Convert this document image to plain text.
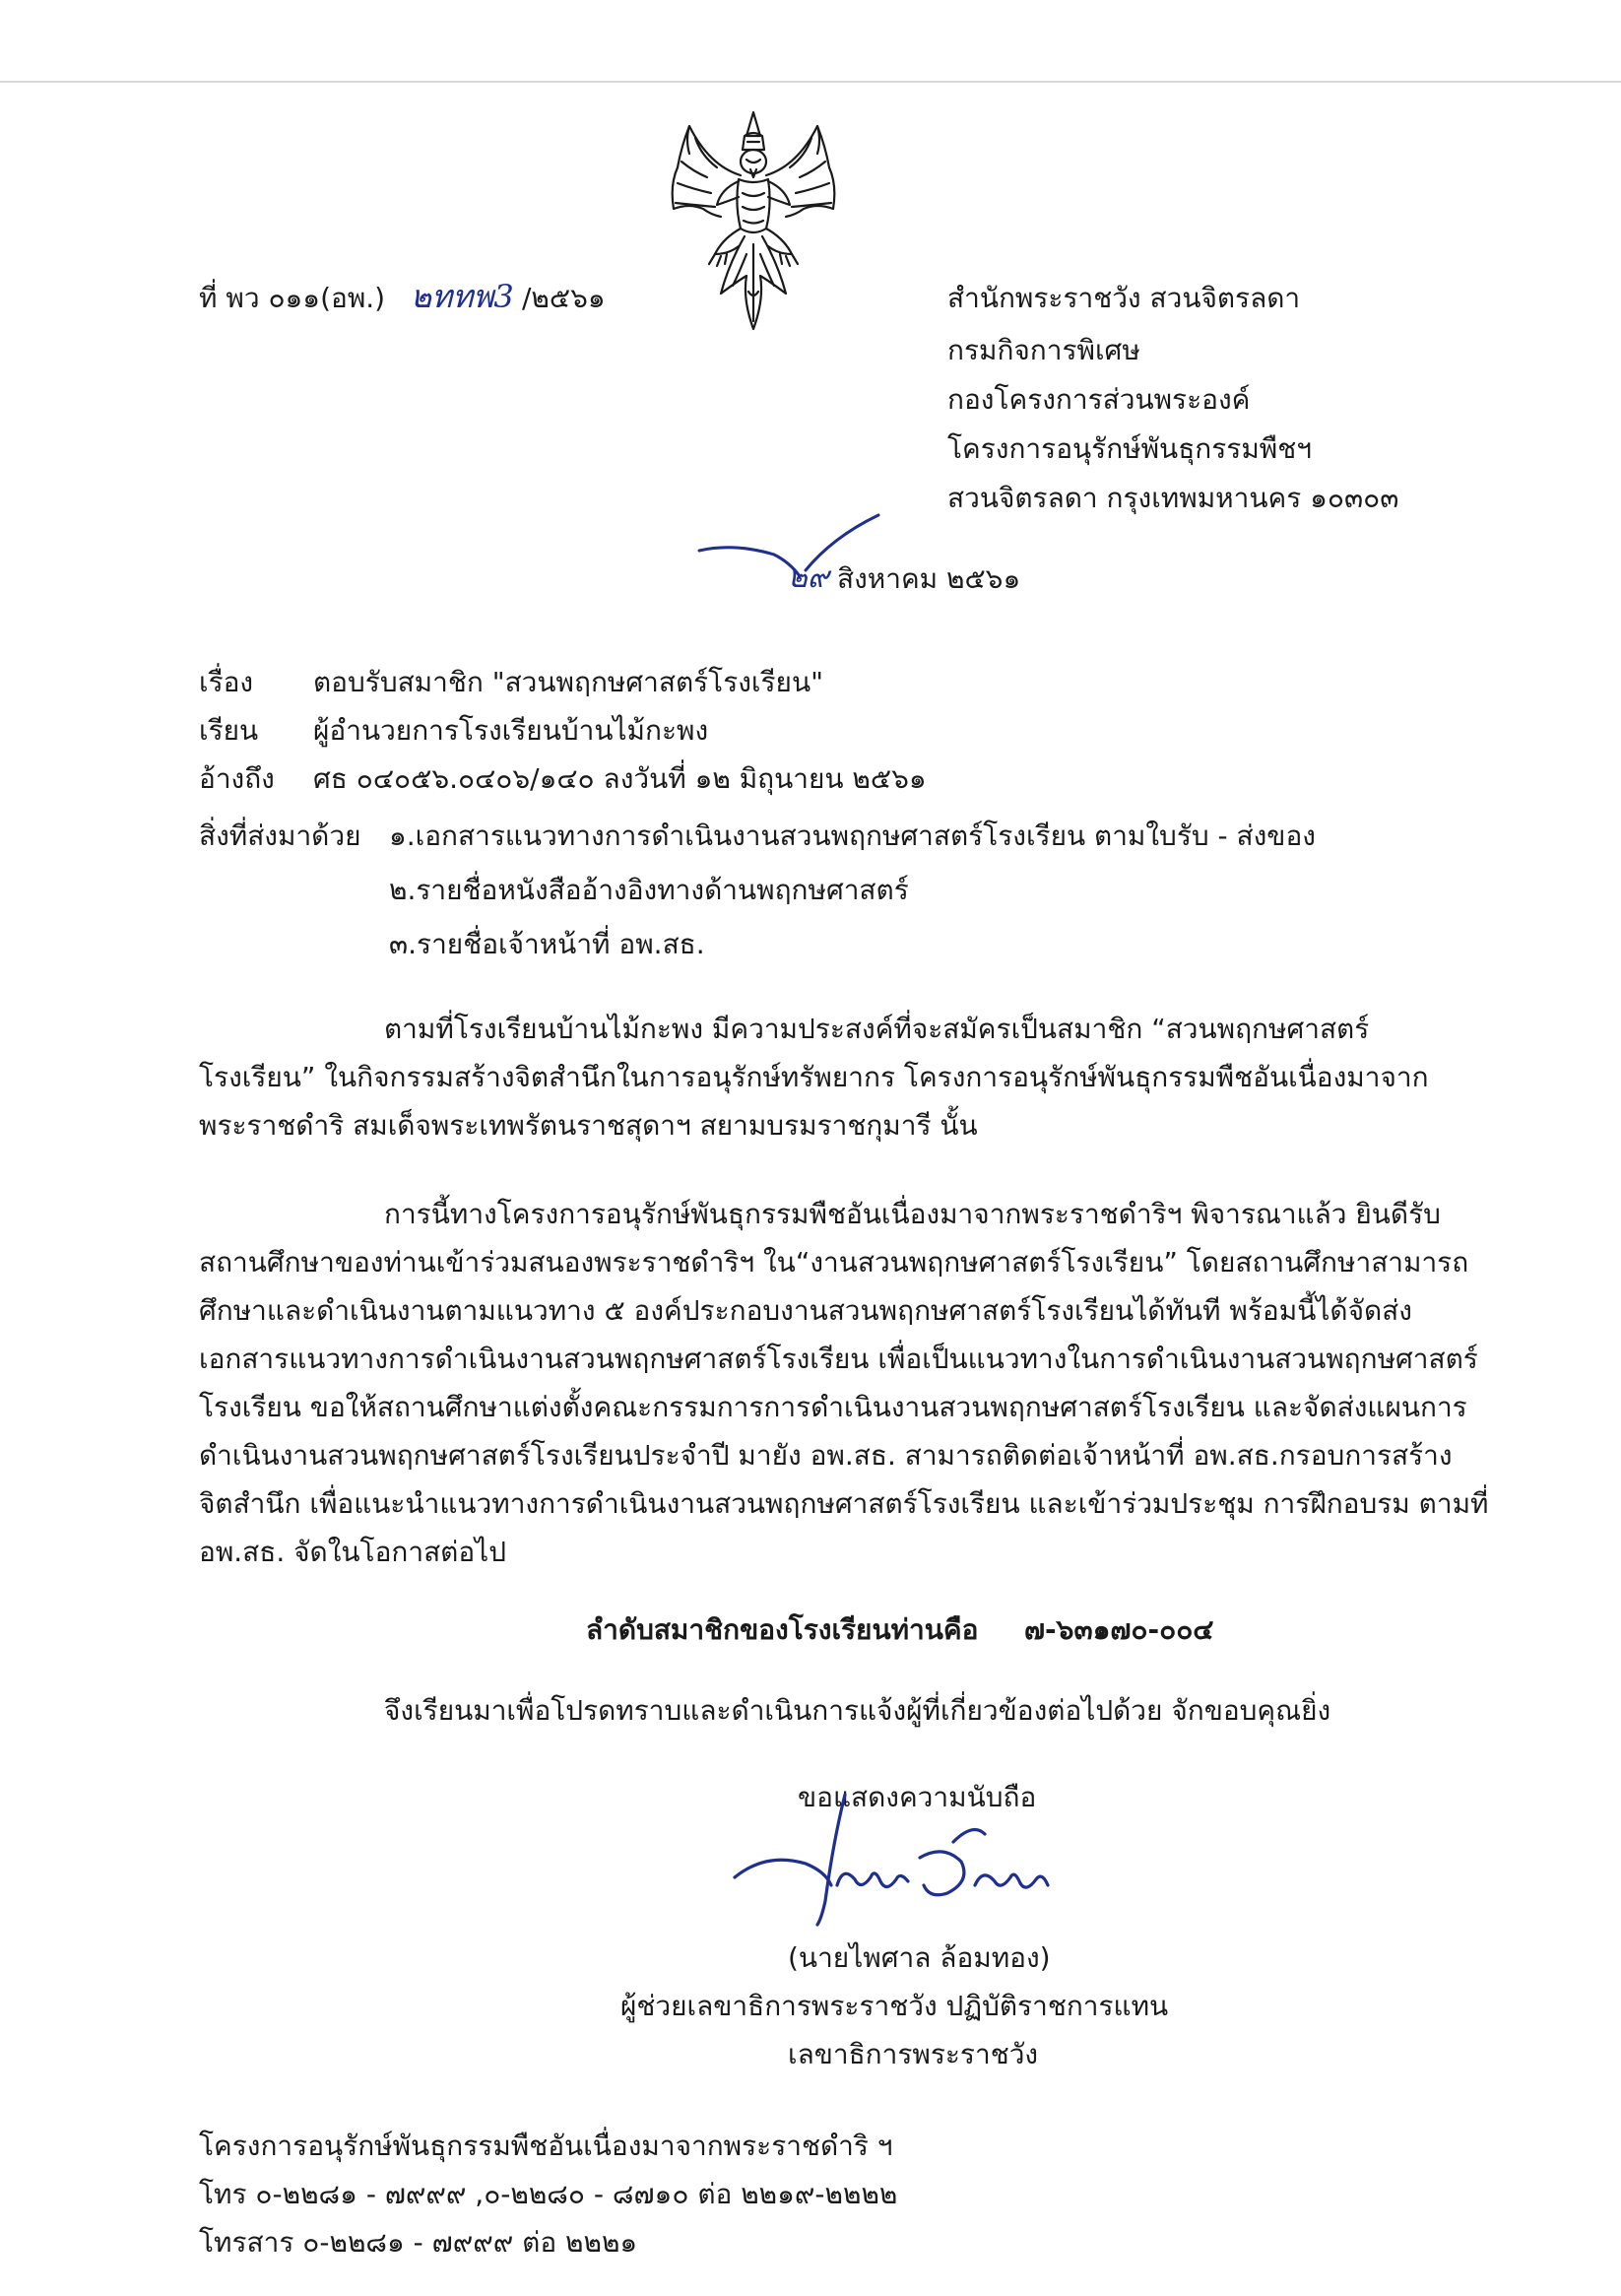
ที่ พว ๐๑๑(อพ.) ๒ททพ3 /๒๕๖๑	สำนักพระราชวัง สวนจิตรลดา
กรมกิจการพิเศษ
กองโครงการส่วนพระองค์
โครงการอนุรักษ์พันธุกรรมพืชฯ
สวนจิตรลดา กรุงเทพมหานคร ๑๐๓๐๓
๒๙ สิงหาคม ๒๕๖๑
เรื่อง ตอบรับสมาชิก "สวนพฤกษศาสตร์โรงเรียน"
เรียน ผู้อำนวยการโรงเรียนบ้านไม้กะพง
อ้างถึง ศธ ๐๔๐๕๖.๐๔๐๖/๑๔๐ ลงวันที่ ๑๒ มิถุนายน ๒๕๖๑
สิ่งที่ส่งมาด้วย ๑.เอกสารแนวทางการดำเนินงานสวนพฤกษศาสตร์โรงเรียน ตามใบรับ - ส่งของ
๒.รายชื่อหนังสืออ้างอิงทางด้านพฤกษศาสตร์
๓.รายชื่อเจ้าหน้าที่ อพ.สธ.
ตามที่โรงเรียนบ้านไม้กะพง มีความประสงค์ที่จะสมัครเป็นสมาชิก “สวนพฤกษศาสตร์
โรงเรียน” ในกิจกรรมสร้างจิตสำนึกในการอนุรักษ์ทรัพยากร โครงการอนุรักษ์พันธุกรรมพืชอันเนื่องมาจาก
พระราชดำริ สมเด็จพระเทพรัตนราชสุดาฯ สยามบรมราชกุมารี นั้น
การนี้ทางโครงการอนุรักษ์พันธุกรรมพืชอันเนื่องมาจากพระราชดำริฯ พิจารณาแล้ว ยินดีรับ
สถานศึกษาของท่านเข้าร่วมสนองพระราชดำริฯ ใน“งานสวนพฤกษศาสตร์โรงเรียน” โดยสถานศึกษาสามารถ
ศึกษาและดำเนินงานตามแนวทาง ๕ องค์ประกอบงานสวนพฤกษศาสตร์โรงเรียนได้ทันที พร้อมนี้ได้จัดส่ง
เอกสารแนวทางการดำเนินงานสวนพฤกษศาสตร์โรงเรียน เพื่อเป็นแนวทางในการดำเนินงานสวนพฤกษศาสตร์
โรงเรียน ขอให้สถานศึกษาแต่งตั้งคณะกรรมการการดำเนินงานสวนพฤกษศาสตร์โรงเรียน และจัดส่งแผนการ
ดำเนินงานสวนพฤกษศาสตร์โรงเรียนประจำปี มายัง อพ.สธ. สามารถติดต่อเจ้าหน้าที่ อพ.สธ.กรอบการสร้าง
จิตสำนึก เพื่อแนะนำแนวทางการดำเนินงานสวนพฤกษศาสตร์โรงเรียน และเข้าร่วมประชุม การฝึกอบรม ตามที่
อพ.สธ. จัดในโอกาสต่อไป
ลำดับสมาชิกของโรงเรียนท่านคือ ๗-๖๓๑๗๐-๐๐๔
จึงเรียนมาเพื่อโปรดทราบและดำเนินการแจ้งผู้ที่เกี่ยวข้องต่อไปด้วย จักขอบคุณยิ่ง
ขอแสดงความนับถือ
(นายไพศาล ล้อมทอง)
ผู้ช่วยเลขาธิการพระราชวัง ปฏิบัติราชการแทน
เลขาธิการพระราชวัง
โครงการอนุรักษ์พันธุกรรมพืชอันเนื่องมาจากพระราชดำริ ฯ
โทร ๐-๒๒๘๑ - ๗๙๙๙ ,๐-๒๒๘๐ - ๘๗๑๐ ต่อ ๒๒๑๙-๒๒๒๒
โทรสาร ๐-๒๒๘๑ - ๗๙๙๙ ต่อ ๒๒๒๑
